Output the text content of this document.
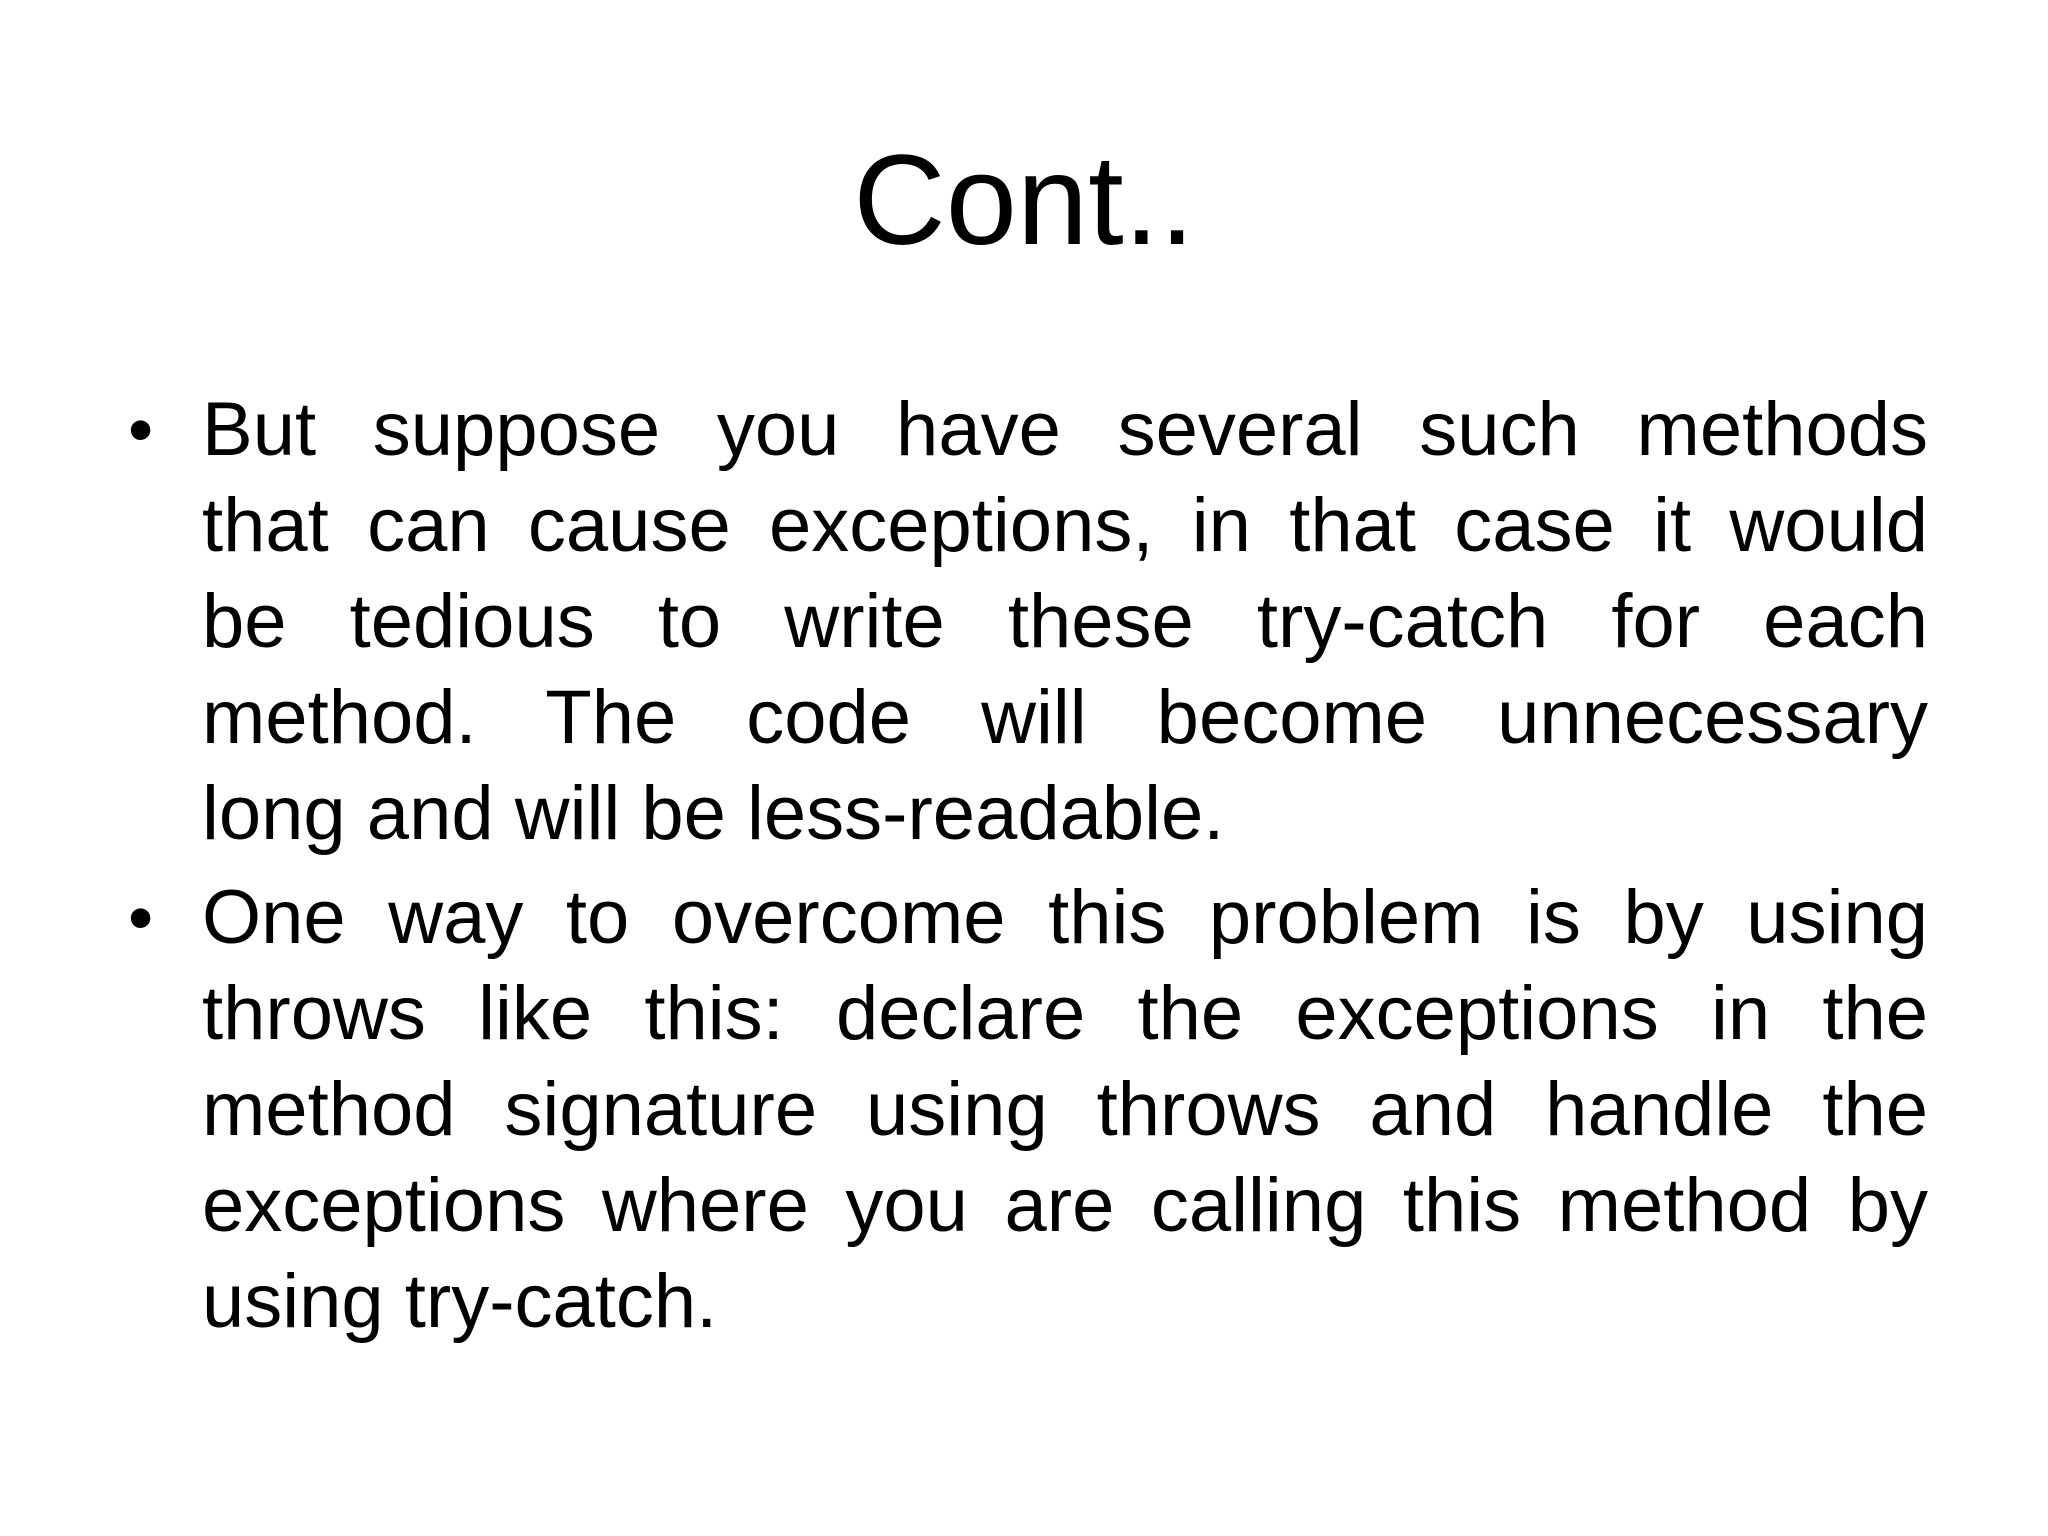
Cont..
• But suppose you have several such methods
that can cause exceptions, in that case it would
be tedious to write these try-catch for each
method. The code will become unnecessary
long and will be less-readable.
• One way to overcome this problem is by using
throws like this: declare the exceptions in the
method signature using throws and handle the
exceptions where you are calling this method by
using try-catch.
